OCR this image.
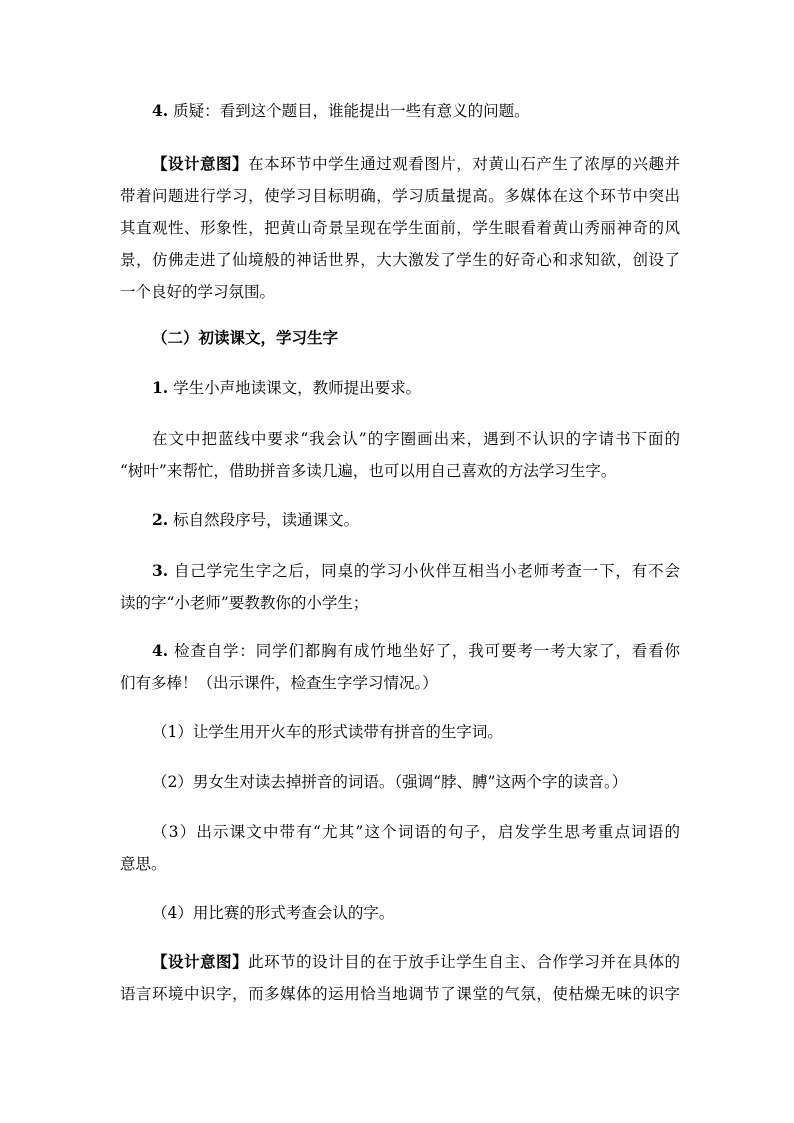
4. 质疑：看到这个题目，谁能提出一些有意义的问题。
【设计意图】在本环节中学生通过观看图片，对黄山石产生了浓厚的兴趣并
带着问题进行学习，使学习目标明确，学习质量提高。多媒体在这个环节中突出
其直观性、形象性，把黄山奇景呈现在学生面前，学生眼看着黄山秀丽神奇的风
景，仿佛走进了仙境般的神话世界，大大激发了学生的好奇心和求知欲，创设了
一个良好的学习氛围。
（二）初读课文，学习生字
1. 学生小声地读课文，教师提出要求。
在文中把蓝线中要求“我会认”的字圈画出来，遇到不认识的字请书下面的
“树叶”来帮忙，借助拼音多读几遍，也可以用自己喜欢的方法学习生字。
2. 标自然段序号，读通课文。
3. 自己学完生字之后，同桌的学习小伙伴互相当小老师考查一下，有不会
读的字“小老师”要教教你的小学生；
4. 检查自学：同学们都胸有成竹地坐好了，我可要考一考大家了，看看你
们有多棒！（出示课件，检查生字学习情况。）
（1）让学生用开火车的形式读带有拼音的生字词。
（2）男女生对读去掉拼音的词语。（强调“脖、膊”这两个字的读音。）
（3）出示课文中带有“尤其”这个词语的句子，启发学生思考重点词语的
意思。
（4）用比赛的形式考查会认的字。
【设计意图】此环节的设计目的在于放手让学生自主、合作学习并在具体的
语言环境中识字，而多媒体的运用恰当地调节了课堂的气氛，使枯燥无味的识字
